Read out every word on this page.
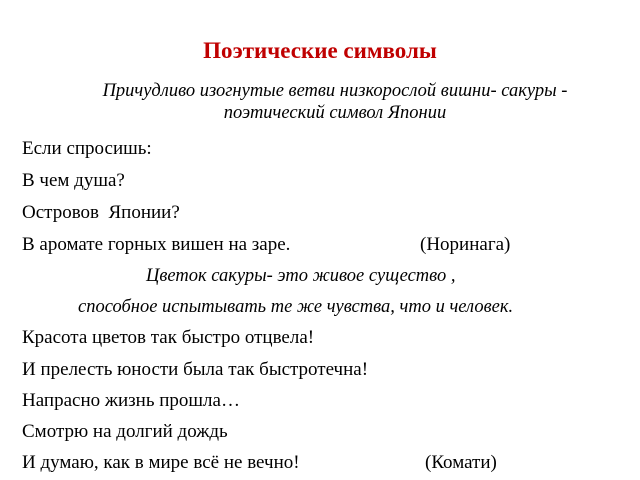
Поэтические символы
Причудливо изогнутые ветви низкорослой вишни- сакуры -
поэтический символ Японии
Если спросишь:
В чем душа?
Островов  Японии?
В аромате горных вишен на заре.	(Норинага)
Цветок сакуры- это живое существо ,
способное испытывать те же чувства, что и человек.
Красота цветов так быстро отцвела!
И прелесть юности была так быстротечна!
Напрасно жизнь прошла…
Смотрю на долгий дождь
И думаю, как в мире всё не вечно!	(Комати)
